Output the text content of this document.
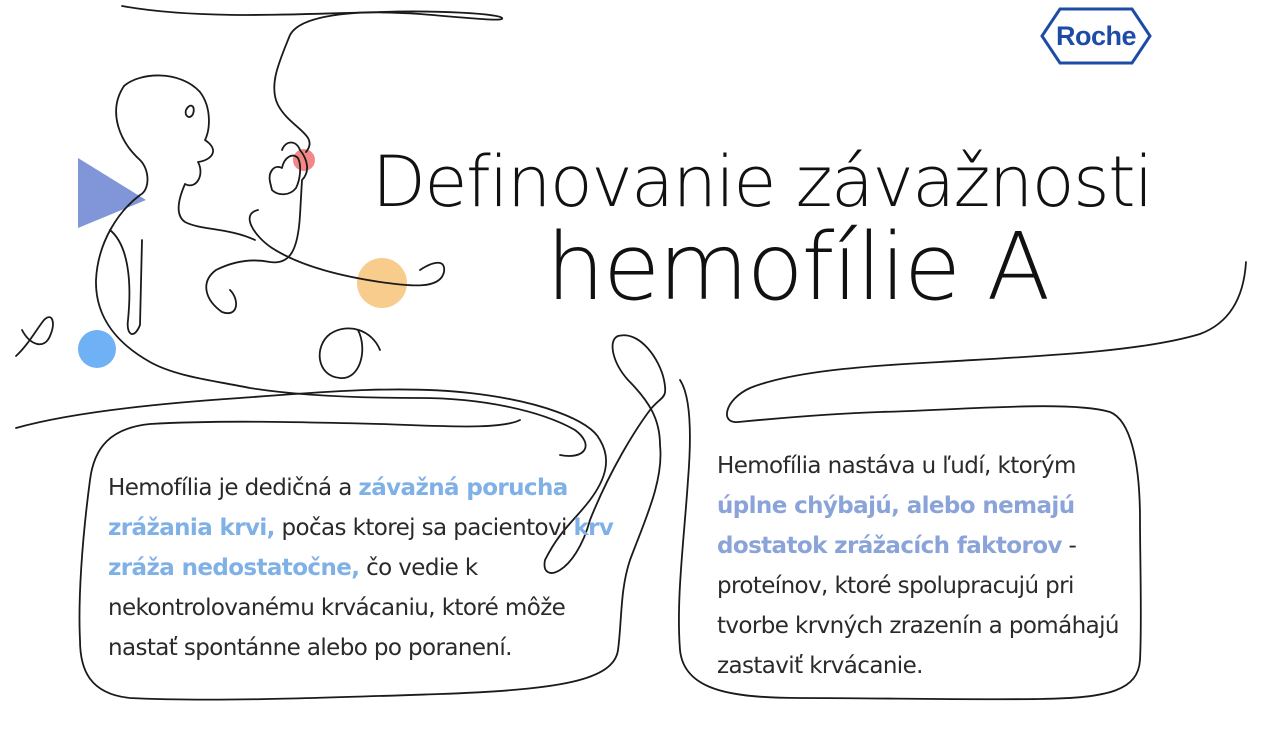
Roche
Definovanie závažnosti
hemofílie A
Hemofília je dedičná a závažná porucha zrážania krvi, počas ktorej sa pacientovi krv zráža nedostatočne, čo vedie k nekontrolovanému krvácaniu, ktoré môže nastať spontánne alebo po poranení.
Hemofília nastáva u ľudí, ktorým úplne chýbajú, alebo nemajú dostatok zrážacích faktorov - proteínov, ktoré spolupracujú pri tvorbe krvných zrazenín a pomáhajú zastaviť krvácanie.
